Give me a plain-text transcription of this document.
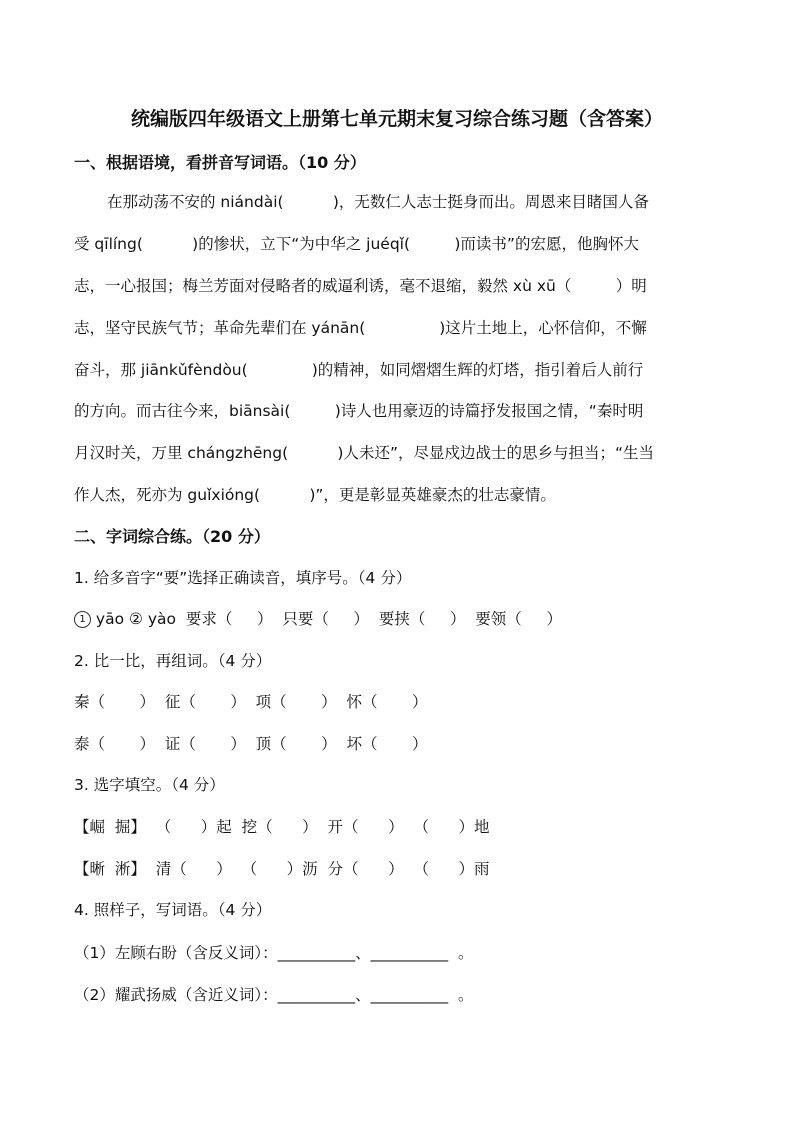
统编版四年级语文上册第七单元期末复习综合练习题（含答案）
一、根据语境，看拼音写词语。（10 分）
在那动荡不安的 niándài(          )，无数仁人志士挺身而出。周恩来目睹国人备
受 qīlíng(          )的惨状，立下“为中华之 juéqǐ(         )而读书”的宏愿，他胸怀大
志，一心报国；梅兰芳面对侵略者的威逼利诱，毫不退缩，毅然 xù xū（         ）明
志，坚守民族气节；革命先辈们在 yánān(               )这片土地上，心怀信仰，不懈
奋斗，那 jiānkǔfèndòu(             )的精神，如同熠熠生辉的灯塔，指引着后人前行
的方向。而古往今来，biānsài(         )诗人也用豪迈的诗篇抒发报国之情，“秦时明
月汉时关，万里 chángzhēng(          )人未还”，尽显戍边战士的思乡与担当；“生当
作人杰，死亦为 guǐxióng(          )”，更是彰显英雄豪杰的壮志豪情。
二、字词综合练。（20 分）
1. 给多音字“要”选择正确读音，填序号。（4 分）
1 yāo ② yào  要求（     ）  只要（     ）  要挟（     ）  要领（     ）
2. 比一比，再组词。（4 分）
秦（       ）  征（       ）  项（       ）  怀（       ）
泰（       ）  证（       ）  顶（       ）  坏（       ）
3. 选字填空。（4 分）
【崛  掘】  （      ）起  挖（      ）  开（      ）  （      ）地
【晰  淅】  清（      ）  （      ）沥  分（      ）  （      ）雨
4. 照样子，写词语。（4 分）
（1）左顾右盼（含反义词）：__________、__________  。
（2）耀武扬威（含近义词）：__________、__________  。
